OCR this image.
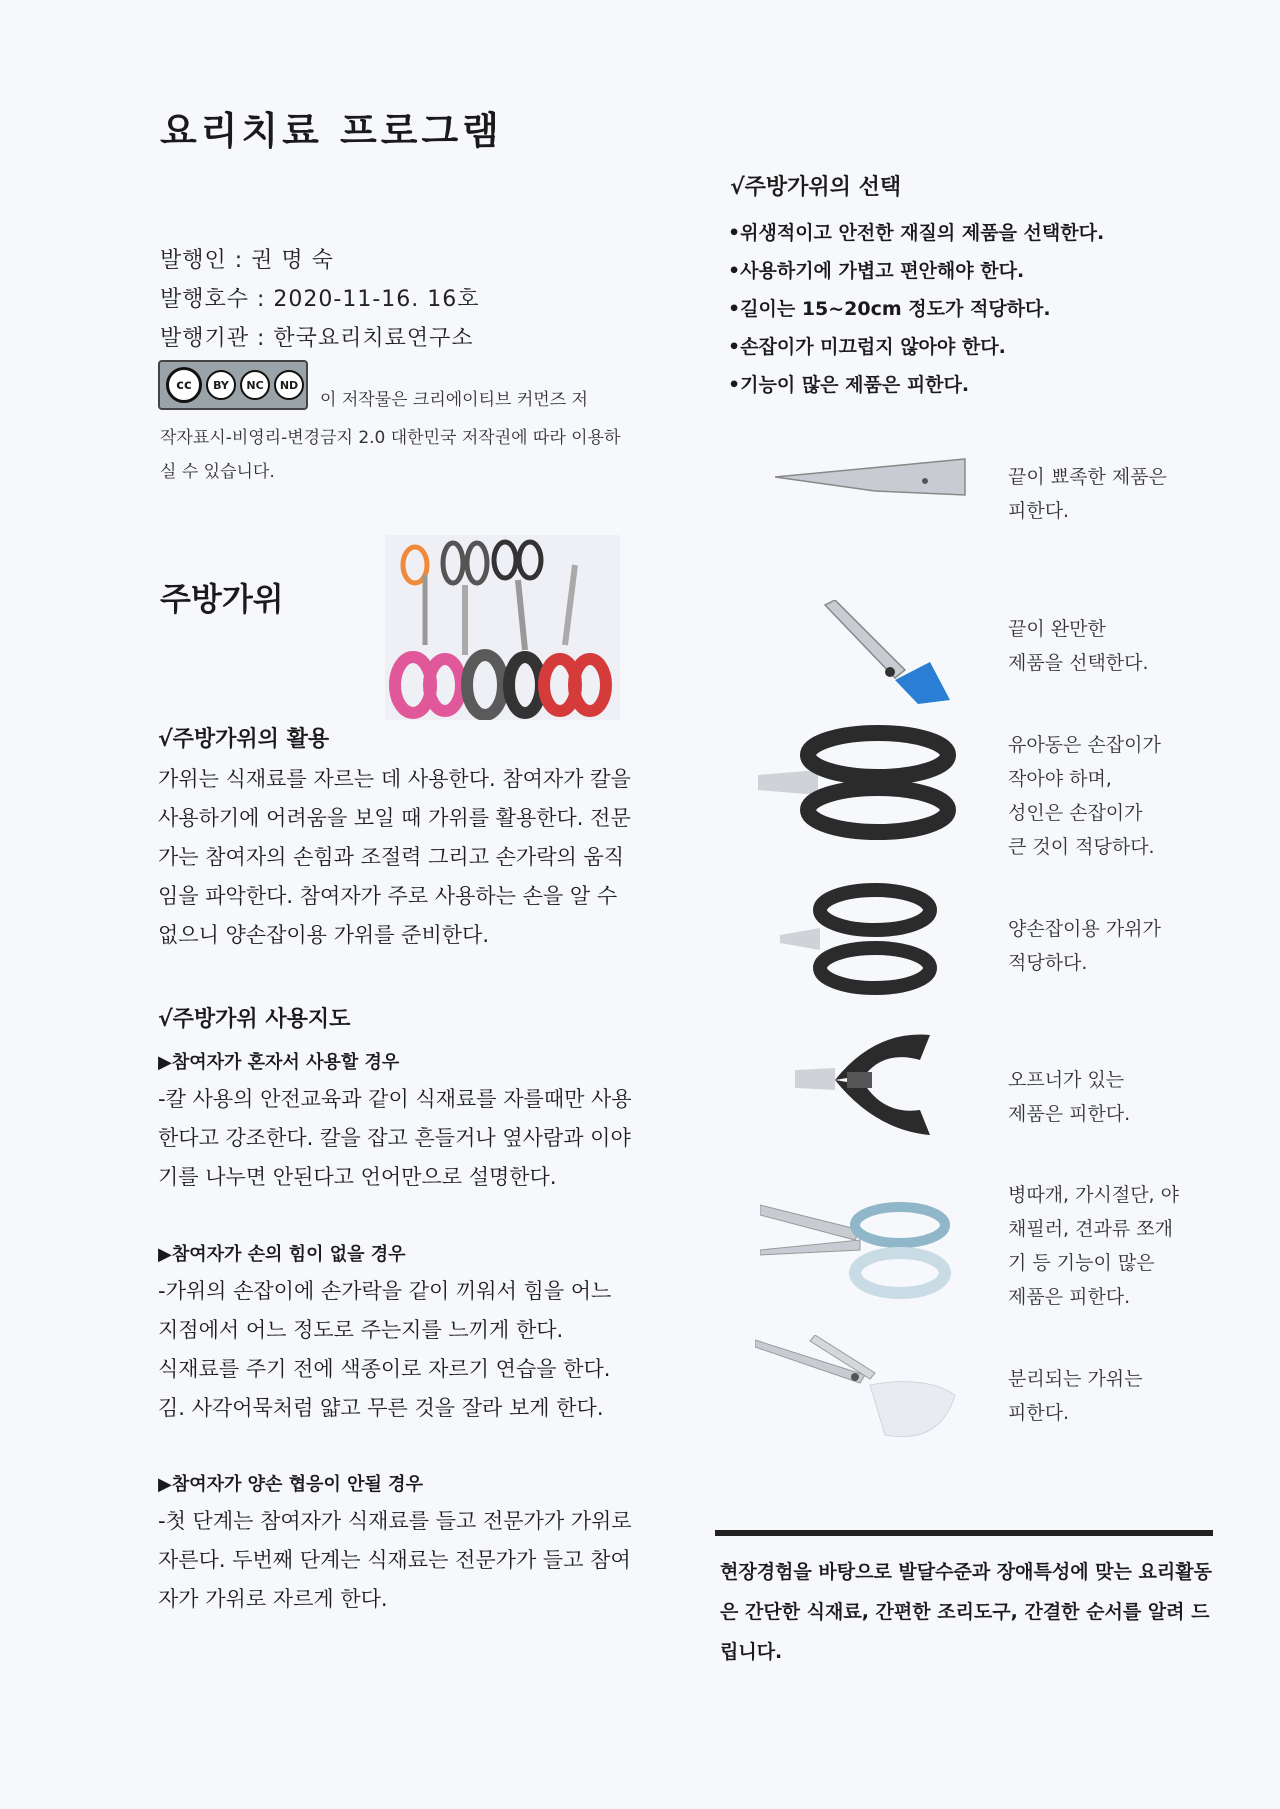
요리치료 프로그램
발행인 : 권 명 숙
발행호수 : 2020-11-16. 16호
발행기관 : 한국요리치료연구소
cc	BY	NC	ND
이 저작물은 크리에이티브 커먼즈 저
작자표시-비영리-변경금지 2.0 대한민국 저작권에 따라 이용하실 수 있습니다.
주방가위
√주방가위의 활용
가위는 식재료를 자르는 데 사용한다. 참여자가 칼을 사용하기에 어려움을 보일 때 가위를 활용한다. 전문가는 참여자의 손힘과 조절력 그리고 손가락의 움직임을 파악한다. 참여자가 주로 사용하는 손을 알 수 없으니 양손잡이용 가위를 준비한다.
√주방가위 사용지도
▶참여자가 혼자서 사용할 경우
-칼 사용의 안전교육과 같이 식재료를 자를때만 사용한다고 강조한다. 칼을 잡고 흔들거나 옆사람과 이야기를 나누면 안된다고 언어만으로 설명한다.
▶참여자가 손의 힘이 없을 경우
-가위의 손잡이에 손가락을 같이 끼워서 힘을 어느 지점에서 어느 정도로 주는지를 느끼게 한다.
식재료를 주기 전에 색종이로 자르기 연습을 한다.
김. 사각어묵처럼 얇고 무른 것을 잘라 보게 한다.
▶참여자가 양손 협응이 안될 경우
-첫 단계는 참여자가 식재료를 들고 전문가가 가위로 자른다. 두번째 단계는 식재료는 전문가가 들고 참여자가 가위로 자르게 한다.
√주방가위의 선택
•위생적이고 안전한 재질의 제품을 선택한다.
•사용하기에 가볍고 편안해야 한다.
•길이는 15~20cm 정도가 적당하다.
•손잡이가 미끄럽지 않아야 한다.
•기능이 많은 제품은 피한다.
끝이 뾰족한 제품은
피한다.
끝이 완만한
제품을 선택한다.
유아동은 손잡이가
작아야 하며,
성인은 손잡이가
큰 것이 적당하다.
양손잡이용 가위가
적당하다.
오프너가 있는
제품은 피한다.
병따개, 가시절단, 야
채필러, 견과류 쪼개
기 등 기능이 많은
제품은 피한다.
분리되는 가위는
피한다.
현장경험을 바탕으로 발달수준과 장애특성에 맞는 요리활동은 간단한 식재료, 간편한 조리도구, 간결한 순서를 알려 드립니다.
